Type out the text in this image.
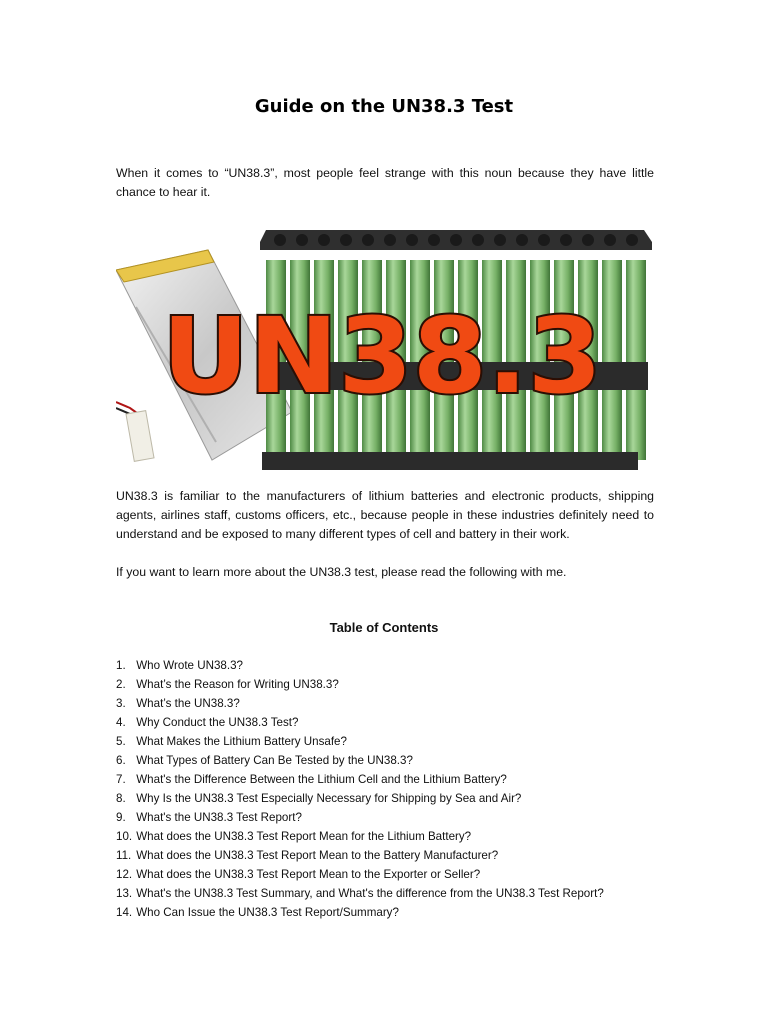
Guide on the UN38.3 Test
When it comes to “UN38.3”, most people feel strange with this noun because they have little chance to hear it.
UN38.3
UN38.3 is familiar to the manufacturers of lithium batteries and electronic products, shipping agents, airlines staff, customs officers, etc., because people in these industries definitely need to understand and be exposed to many different types of cell and battery in their work.
If you want to learn more about the UN38.3 test, please read the following with me.
Table of Contents
1. Who Wrote UN38.3?
2. What’s the Reason for Writing UN38.3?
3. What’s the UN38.3?
4. Why Conduct the UN38.3 Test?
5. What Makes the Lithium Battery Unsafe?
6. What Types of Battery Can Be Tested by the UN38.3?
7. What's the Difference Between the Lithium Cell and the Lithium Battery?
8. Why Is the UN38.3 Test Especially Necessary for Shipping by Sea and Air?
9. What's the UN38.3 Test Report?
10. What does the UN38.3 Test Report Mean for the Lithium Battery?
11. What does the UN38.3 Test Report Mean to the Battery Manufacturer?
12. What does the UN38.3 Test Report Mean to the Exporter or Seller?
13. What's the UN38.3 Test Summary, and What's the difference from the UN38.3 Test Report?
14. Who Can Issue the UN38.3 Test Report/Summary?
